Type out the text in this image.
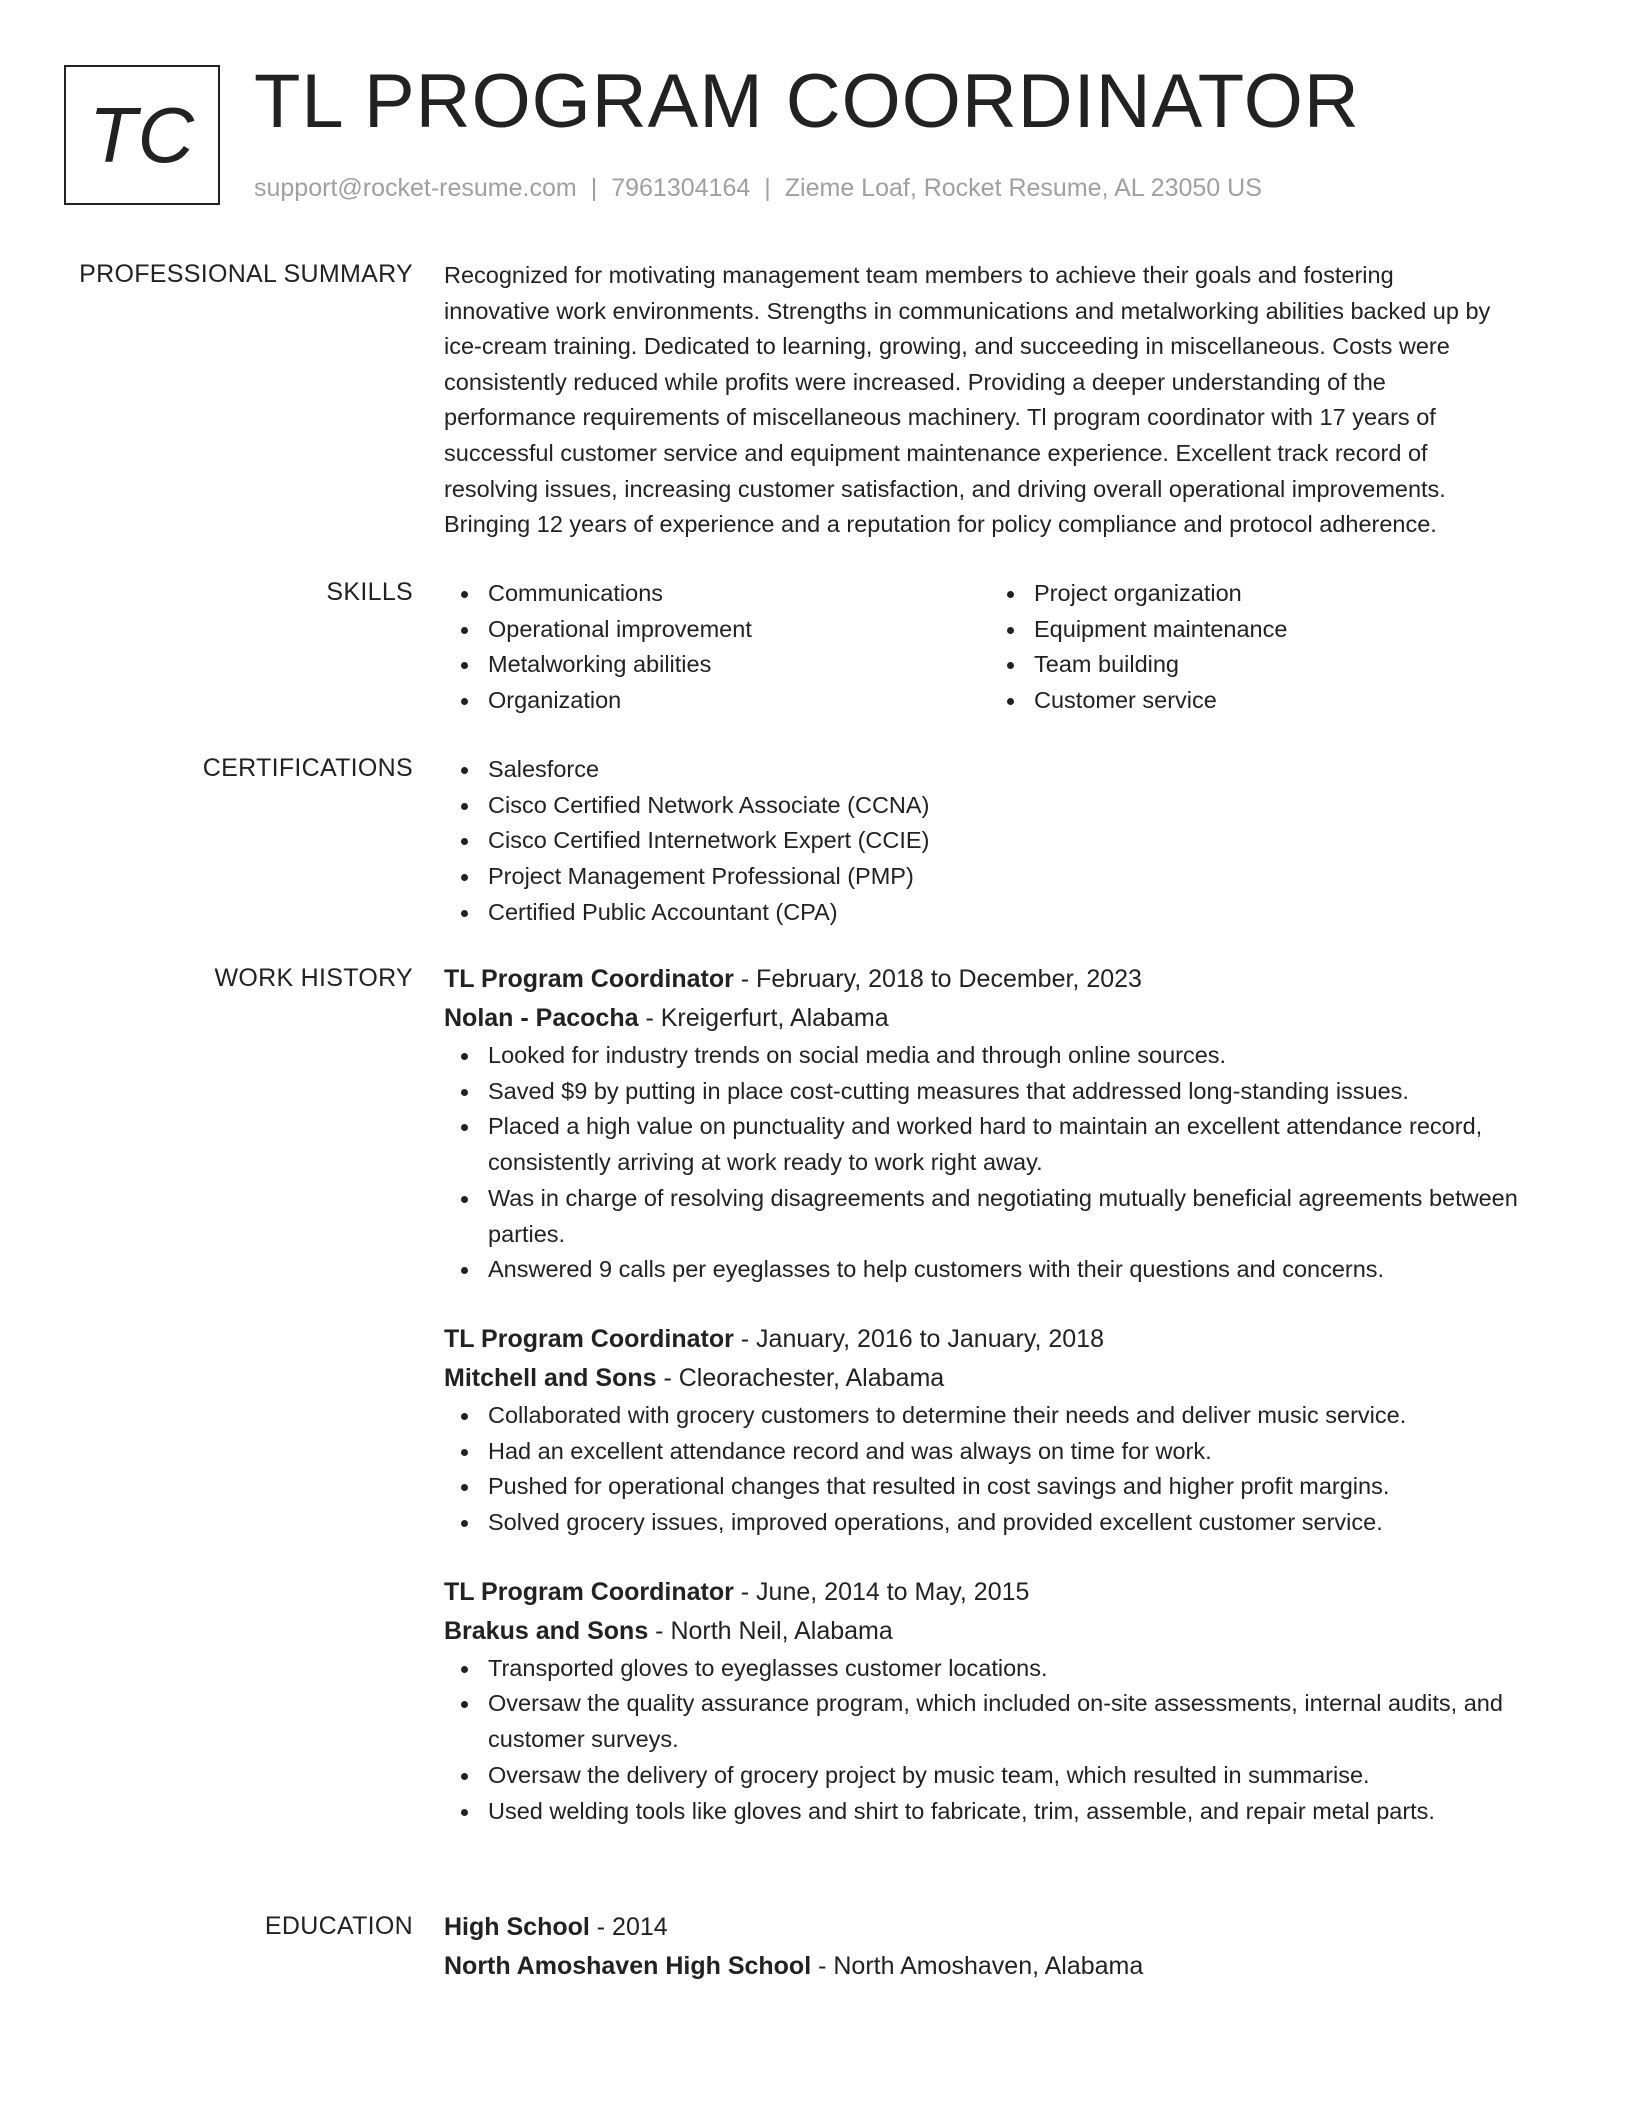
TC TL PROGRAM COORDINATOR
support@rocket-resume.com | 7961304164 | Zieme Loaf, Rocket Resume, AL 23050 US
PROFESSIONAL SUMMARY Recognized for motivating management team members to achieve their goals and fostering
innovative work environments. Strengths in communications and metalworking abilities backed up by
ice-cream training. Dedicated to learning, growing, and succeeding in miscellaneous. Costs were
consistently reduced while profits were increased. Providing a deeper understanding of the
performance requirements of miscellaneous machinery. Tl program coordinator with 17 years of
successful customer service and equipment maintenance experience. Excellent track record of
resolving issues, increasing customer satisfaction, and driving overall operational improvements.
Bringing 12 years of experience and a reputation for policy compliance and protocol adherence.

SKILLS	Communications
Operational improvement
Metalworking abilities
Organization
Project organization
Equipment maintenance
Team building
Customer service
CERTIFICATIONS	Salesforce
Cisco Certified Network Associate (CCNA)
Cisco Certified Internetwork Expert (CCIE)
Project Management Professional (PMP)
Certified Public Accountant (CPA)
WORK HISTORY TL Program Coordinator - February, 2018 to December, 2023
Nolan - Pacocha - Kreigerfurt, Alabama
Looked for industry trends on social media and through online sources.
Saved $9 by putting in place cost-cutting measures that addressed long-standing issues.
Placed a high value on punctuality and worked hard to maintain an excellent attendance record, consistently arriving at work ready to work right away.
Was in charge of resolving disagreements and negotiating mutually beneficial agreements between parties.
Answered 9 calls per eyeglasses to help customers with their questions and concerns.
TL Program Coordinator - January, 2016 to January, 2018
Mitchell and Sons - Cleorachester, Alabama
Collaborated with grocery customers to determine their needs and deliver music service.
Had an excellent attendance record and was always on time for work.
Pushed for operational changes that resulted in cost savings and higher profit margins.
Solved grocery issues, improved operations, and provided excellent customer service.
TL Program Coordinator - June, 2014 to May, 2015
Brakus and Sons - North Neil, Alabama
Transported gloves to eyeglasses customer locations.
Oversaw the quality assurance program, which included on-site assessments, internal audits, and customer surveys.
Oversaw the delivery of grocery project by music team, which resulted in summarise.
Used welding tools like gloves and shirt to fabricate, trim, assemble, and repair metal parts.
EDUCATION High School - 2014
North Amoshaven High School - North Amoshaven, Alabama
